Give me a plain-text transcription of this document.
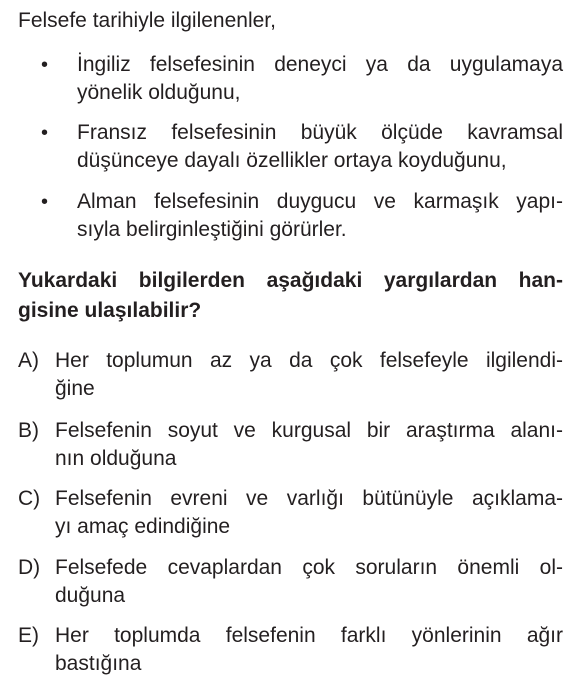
Felsefe tarihiyle ilgilenenler,
• İngiliz felsefesinin deneyci ya da uygulamaya
yönelik olduğunu,
• Fransız felsefesinin büyük ölçüde kavramsal
düşünceye dayalı özellikler ortaya koyduğunu,
• Alman felsefesinin duygucu ve karmaşık yapı-
sıyla belirginleştiğini görürler.
Yukardaki bilgilerden aşağıdaki yargılardan han-
gisine ulaşılabilir?
A) Her toplumun az ya da çok felsefeyle ilgilendi-
ğine
B) Felsefenin soyut ve kurgusal bir araştırma alanı-
nın olduğuna
C) Felsefenin evreni ve varlığı bütünüyle açıklama-
yı amaç edindiğine
D) Felsefede cevaplardan çok soruların önemli ol-
duğuna
E) Her toplumda felsefenin farklı yönlerinin ağır
bastığına
